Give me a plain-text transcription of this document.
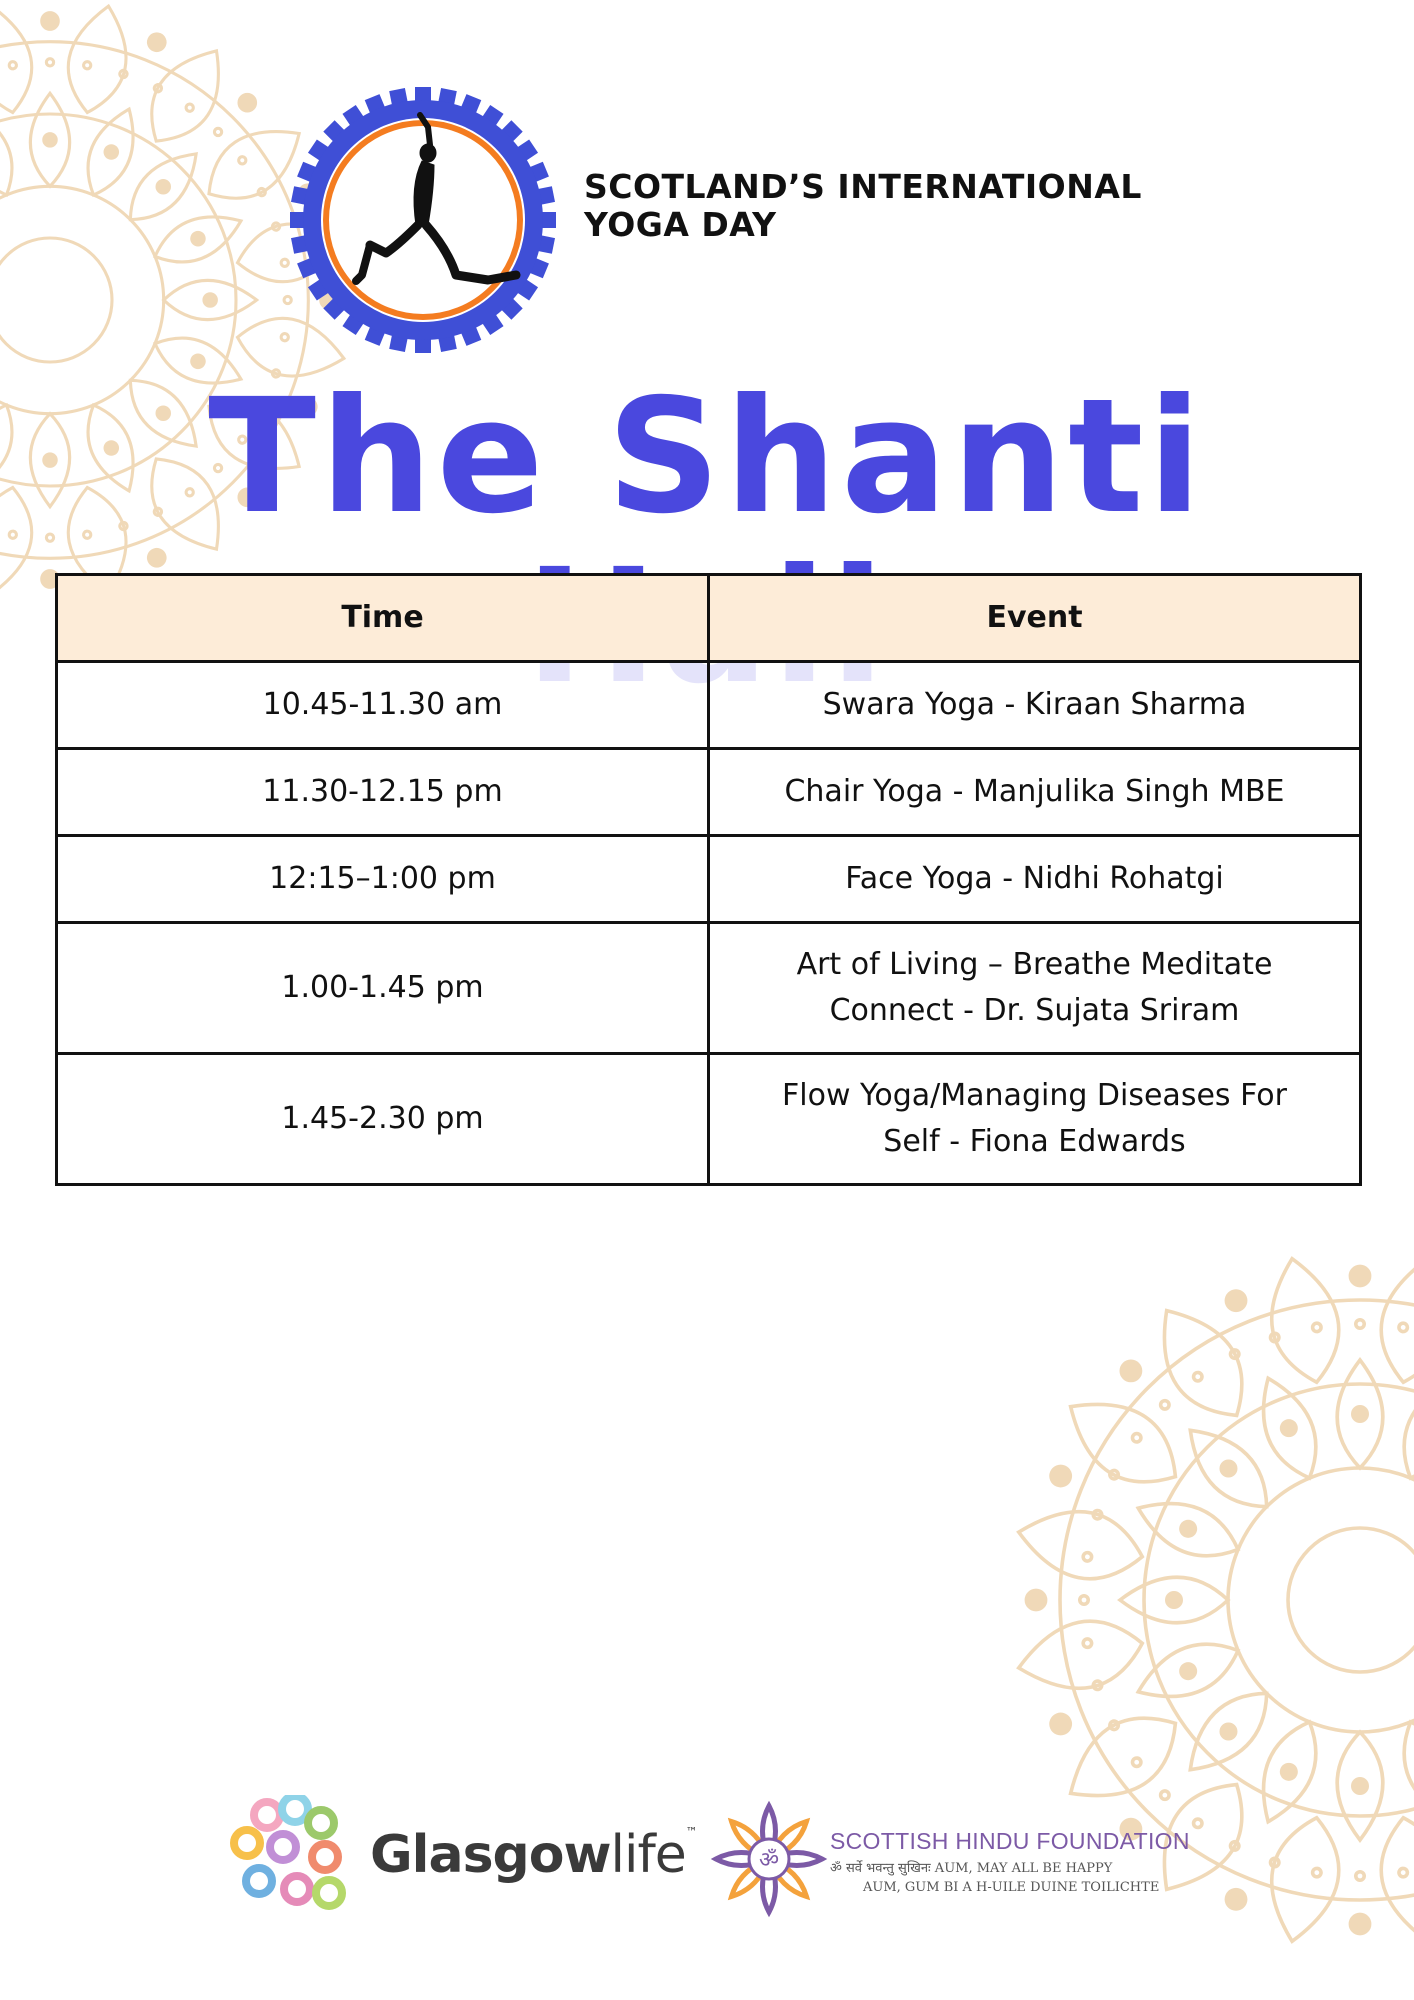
SCOTLAND’S INTERNATIONAL
YOGA DAY
The Shanti
Time	Event
10.45-11.30 am	Swara Yoga - Kiraan Sharma
11.30-12.15 pm	Chair Yoga - Manjulika Singh MBE
12:15–1:00 pm	Face Yoga - Nidhi Rohatgi
1.00-1.45 pm	Art of Living – Breathe Meditate
Connect - Dr. Sujata Sriram
1.45-2.30 pm	Flow Yoga/Managing Diseases For
Self - Fiona Edwards
Glasgowlife™
ॐ
SCOTTISH HINDU FOUNDATION
ॐ सर्वे भवन्तु सुखिनः AUM, MAY ALL BE HAPPY
AUM, GUM BI A H-UILE DUINE TOILICHTE
